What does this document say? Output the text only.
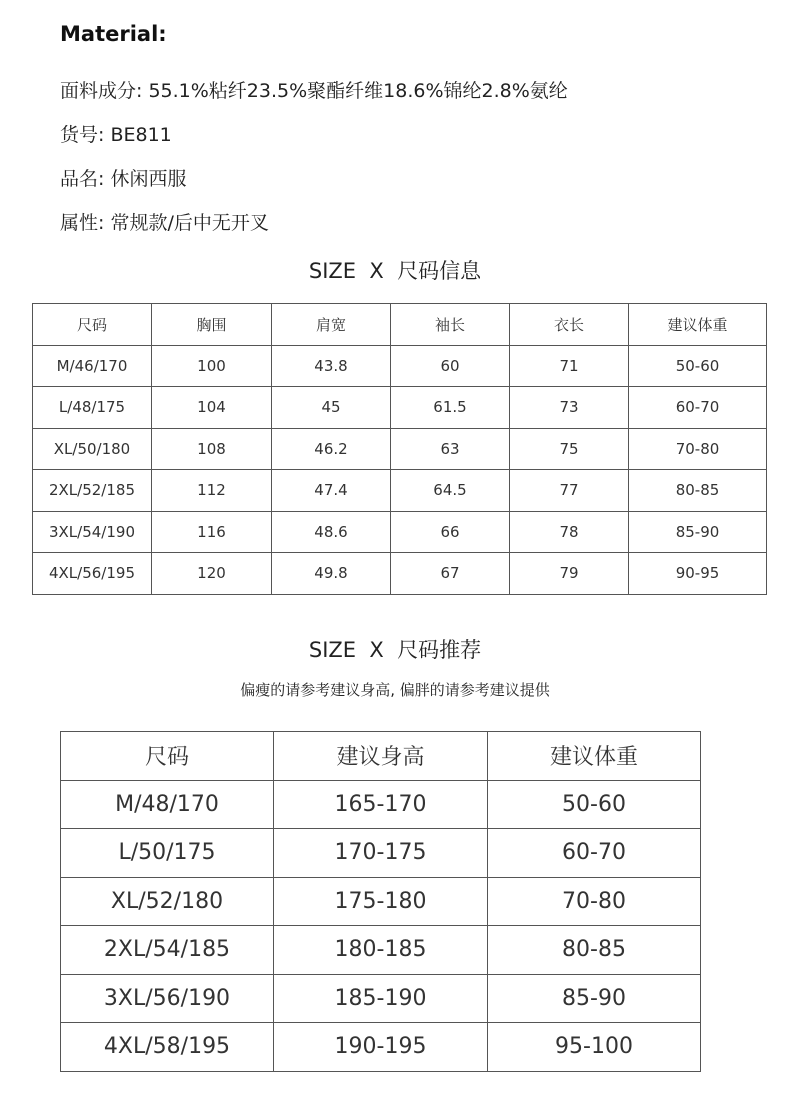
Material:
面料成分: 55.1%粘纤23.5%聚酯纤维18.6%锦纶2.8%氨纶
货号: BE811
品名: 休闲西服
属性: 常规款/后中无开叉
SIZE  X  尺码信息
尺码	胸围	肩宽	袖长	衣长	建议体重
M/46/170	100	43.8	60	71	50-60
L/48/175	104	45	61.5	73	60-70
XL/50/180	108	46.2	63	75	70-80
2XL/52/185	112	47.4	64.5	77	80-85
3XL/54/190	116	48.6	66	78	85-90
4XL/56/195	120	49.8	67	79	90-95
SIZE  X  尺码推荐
偏瘦的请参考建议身高, 偏胖的请参考建议提供
尺码	建议身高	建议体重
M/48/170	165-170	50-60
L/50/175	170-175	60-70
XL/52/180	175-180	70-80
2XL/54/185	180-185	80-85
3XL/56/190	185-190	85-90
4XL/58/195	190-195	95-100
